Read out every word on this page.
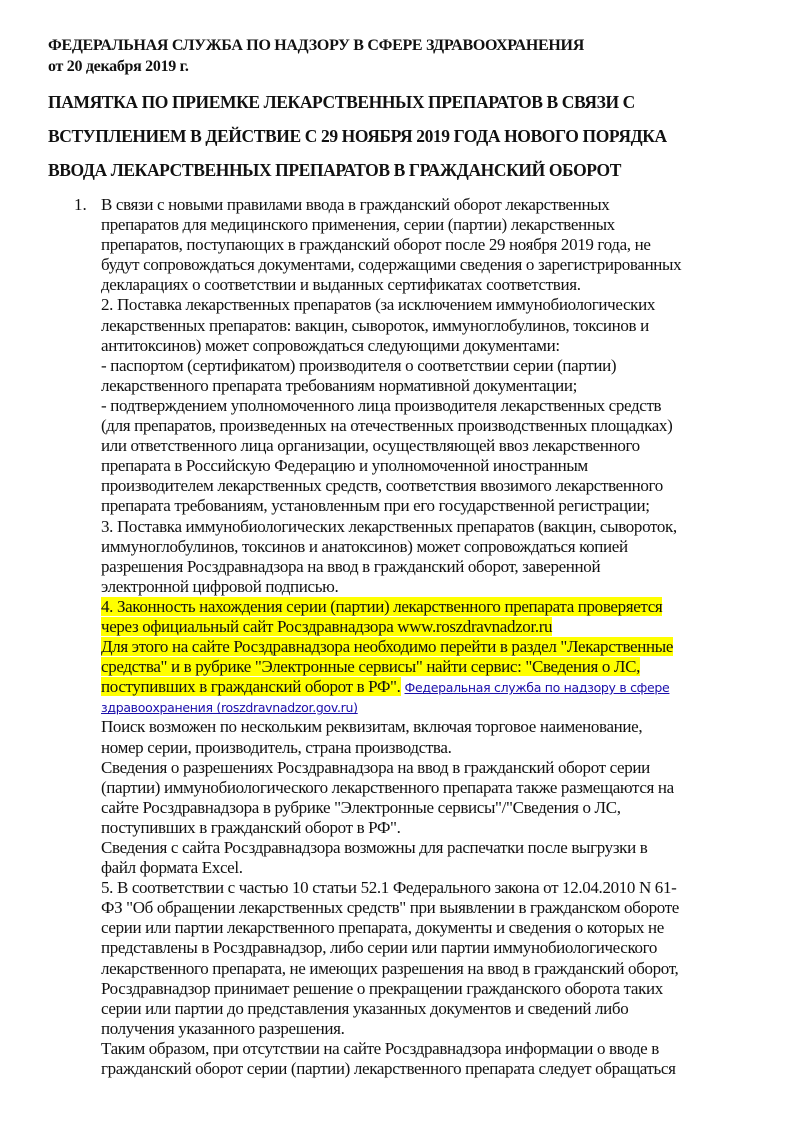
ФЕДЕРАЛЬНАЯ СЛУЖБА ПО НАДЗОРУ В СФЕРЕ ЗДРАВООХРАНЕНИЯ
от 20 декабря 2019 г.
ПАМЯТКА ПО ПРИЕМКЕ ЛЕКАРСТВЕННЫХ ПРЕПАРАТОВ В СВЯЗИ С
ВСТУПЛЕНИЕМ В ДЕЙСТВИЕ С 29 НОЯБРЯ 2019 ГОДА НОВОГО ПОРЯДКА
ВВОДА ЛЕКАРСТВЕННЫХ ПРЕПАРАТОВ В ГРАЖДАНСКИЙ ОБОРОТ
1. В связи с новыми правилами ввода в гражданский оборот лекарственных
препаратов для медицинского применения, серии (партии) лекарственных
препаратов, поступающих в гражданский оборот после 29 ноября 2019 года, не
будут сопровождаться документами, содержащими сведения о зарегистрированных
декларациях о соответствии и выданных сертификатах соответствия.
2. Поставка лекарственных препаратов (за исключением иммунобиологических
лекарственных препаратов: вакцин, сывороток, иммуноглобулинов, токсинов и
антитоксинов) может сопровождаться следующими документами:
- паспортом (сертификатом) производителя о соответствии серии (партии)
лекарственного препарата требованиям нормативной документации;
- подтверждением уполномоченного лица производителя лекарственных средств
(для препаратов, произведенных на отечественных производственных площадках)
или ответственного лица организации, осуществляющей ввоз лекарственного
препарата в Российскую Федерацию и уполномоченной иностранным
производителем лекарственных средств, соответствия ввозимого лекарственного
препарата требованиям, установленным при его государственной регистрации;
3. Поставка иммунобиологических лекарственных препаратов (вакцин, сывороток,
иммуноглобулинов, токсинов и анатоксинов) может сопровождаться копией
разрешения Росздравнадзора на ввод в гражданский оборот, заверенной
электронной цифровой подписью.
4. Законность нахождения серии (партии) лекарственного препарата проверяется
через официальный сайт Росздравнадзора www.roszdravnadzor.ru
Для этого на сайте Росздравнадзора необходимо перейти в раздел "Лекарственные
средства" и в рубрике "Электронные сервисы" найти сервис: "Сведения о ЛС,
поступивших в гражданский оборот в РФ". Федеральная служба по надзору в сфере
здравоохранения (roszdravnadzor.gov.ru)
Поиск возможен по нескольким реквизитам, включая торговое наименование,
номер серии, производитель, страна производства.
Сведения о разрешениях Росздравнадзора на ввод в гражданский оборот серии
(партии) иммунобиологического лекарственного препарата также размещаются на
сайте Росздравнадзора в рубрике "Электронные сервисы"/"Сведения о ЛС,
поступивших в гражданский оборот в РФ".
Сведения с сайта Росздравнадзора возможны для распечатки после выгрузки в
файл формата Excel.
5. В соответствии с частью 10 статьи 52.1 Федерального закона от 12.04.2010 N 61-
ФЗ "Об обращении лекарственных средств" при выявлении в гражданском обороте
серии или партии лекарственного препарата, документы и сведения о которых не
представлены в Росздравнадзор, либо серии или партии иммунобиологического
лекарственного препарата, не имеющих разрешения на ввод в гражданский оборот,
Росздравнадзор принимает решение о прекращении гражданского оборота таких
серии или партии до представления указанных документов и сведений либо
получения указанного разрешения.
Таким образом, при отсутствии на сайте Росздравнадзора информации о вводе в
гражданский оборот серии (партии) лекарственного препарата следует обращаться
